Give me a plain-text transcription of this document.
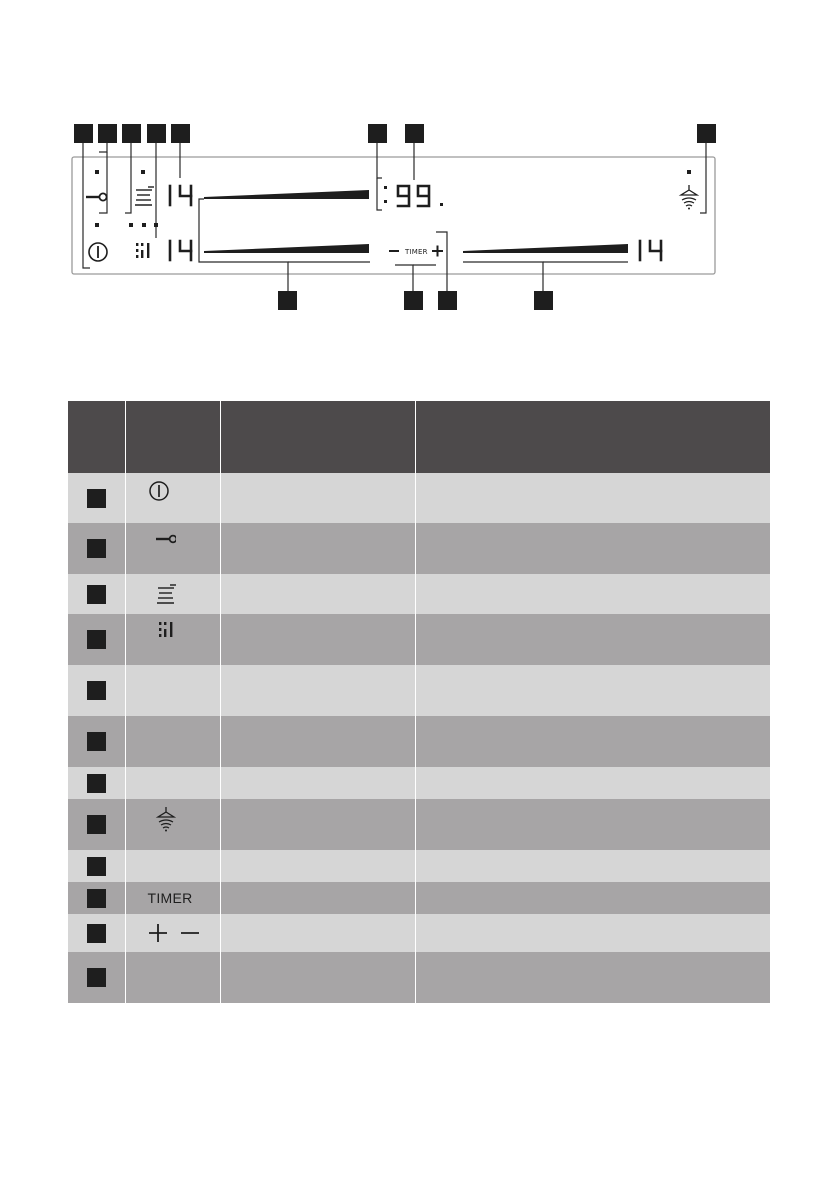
TIMER

	TIMER		
